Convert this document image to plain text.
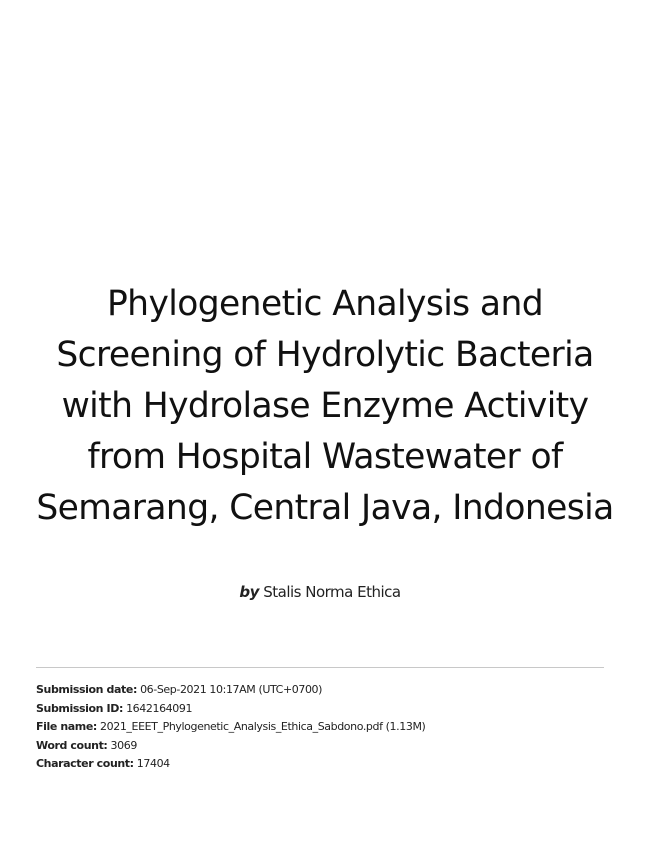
Phylogenetic Analysis and Screening of Hydrolytic Bacteria with Hydrolase Enzyme Activity from Hospital Wastewater of Semarang, Central Java, Indonesia
by Stalis Norma Ethica
Submission date: 06-Sep-2021 10:17AM (UTC+0700)
Submission ID: 1642164091
File name: 2021_EEET_Phylogenetic_Analysis_Ethica_Sabdono.pdf (1.13M)
Word count: 3069
Character count: 17404
